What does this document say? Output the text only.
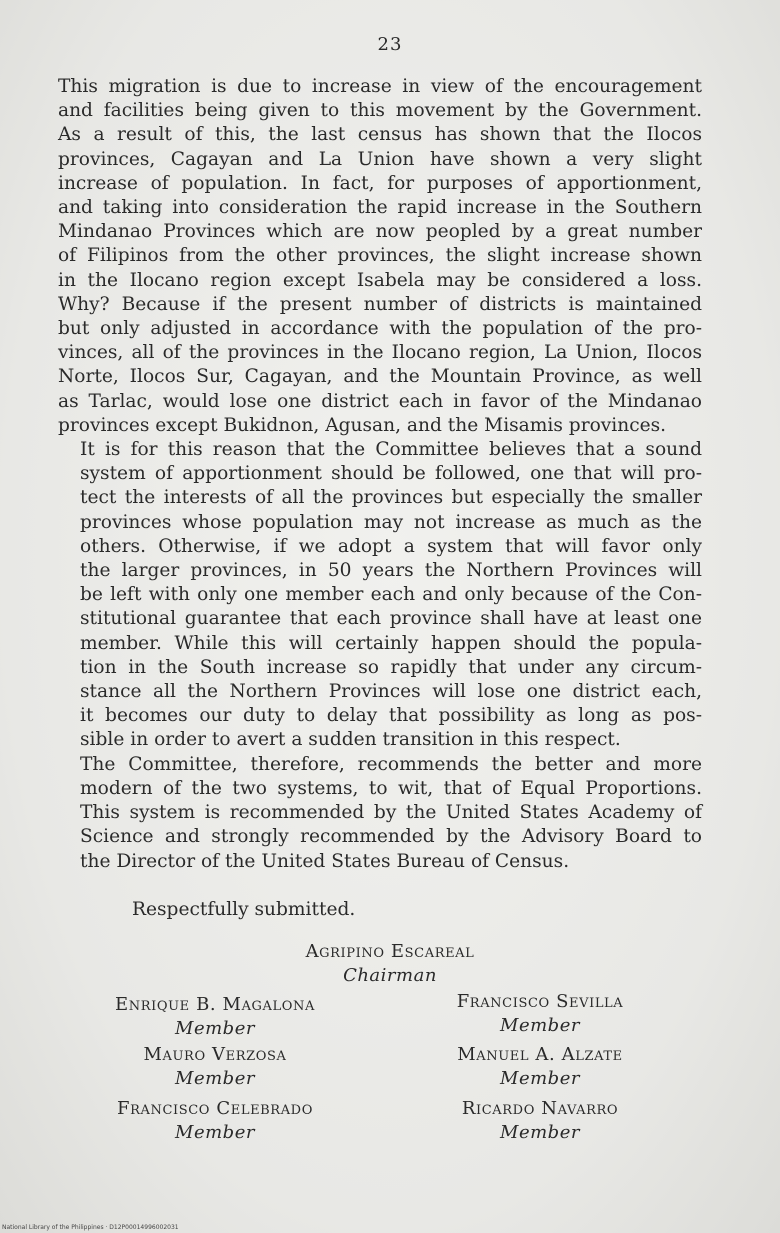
23
This migration is due to increase in view of the encouragement
and facilities being given to this movement by the Government.
As a result of this, the last census has shown that the Ilocos
provinces, Cagayan and La Union have shown a very slight
increase of population. In fact, for purposes of apportionment,
and taking into consideration the rapid increase in the Southern
Mindanao Provinces which are now peopled by a great number
of Filipinos from the other provinces, the slight increase shown
in the Ilocano region except Isabela may be considered a loss.
Why? Because if the present number of districts is maintained
but only adjusted in accordance with the population of the pro-
vinces, all of the provinces in the Ilocano region, La Union, Ilocos
Norte, Ilocos Sur, Cagayan, and the Mountain Province, as well
as Tarlac, would lose one district each in favor of the Mindanao
provinces except Bukidnon, Agusan, and the Misamis provinces.
It is for this reason that the Committee believes that a sound
system of apportionment should be followed, one that will pro-
tect the interests of all the provinces but especially the smaller
provinces whose population may not increase as much as the
others. Otherwise, if we adopt a system that will favor only
the larger provinces, in 50 years the Northern Provinces will
be left with only one member each and only because of the Con-
stitutional guarantee that each province shall have at least one
member. While this will certainly happen should the popula-
tion in the South increase so rapidly that under any circum-
stance all the Northern Provinces will lose one district each,
it becomes our duty to delay that possibility as long as pos-
sible in order to avert a sudden transition in this respect.
The Committee, therefore, recommends the better and more
modern of the two systems, to wit, that of Equal Proportions.
This system is recommended by the United States Academy of
Science and strongly recommended by the Advisory Board to
the Director of the United States Bureau of Census.
Respectfully submitted.
Agripino Escareal
Chairman
Enrique B. Magalona
Member
Mauro Verzosa
Member
Francisco Celebrado
Member
Francisco Sevilla
Member
Manuel A. Alzate
Member
Ricardo Navarro
Member
National Library of the Philippines · D12P00014996002031
